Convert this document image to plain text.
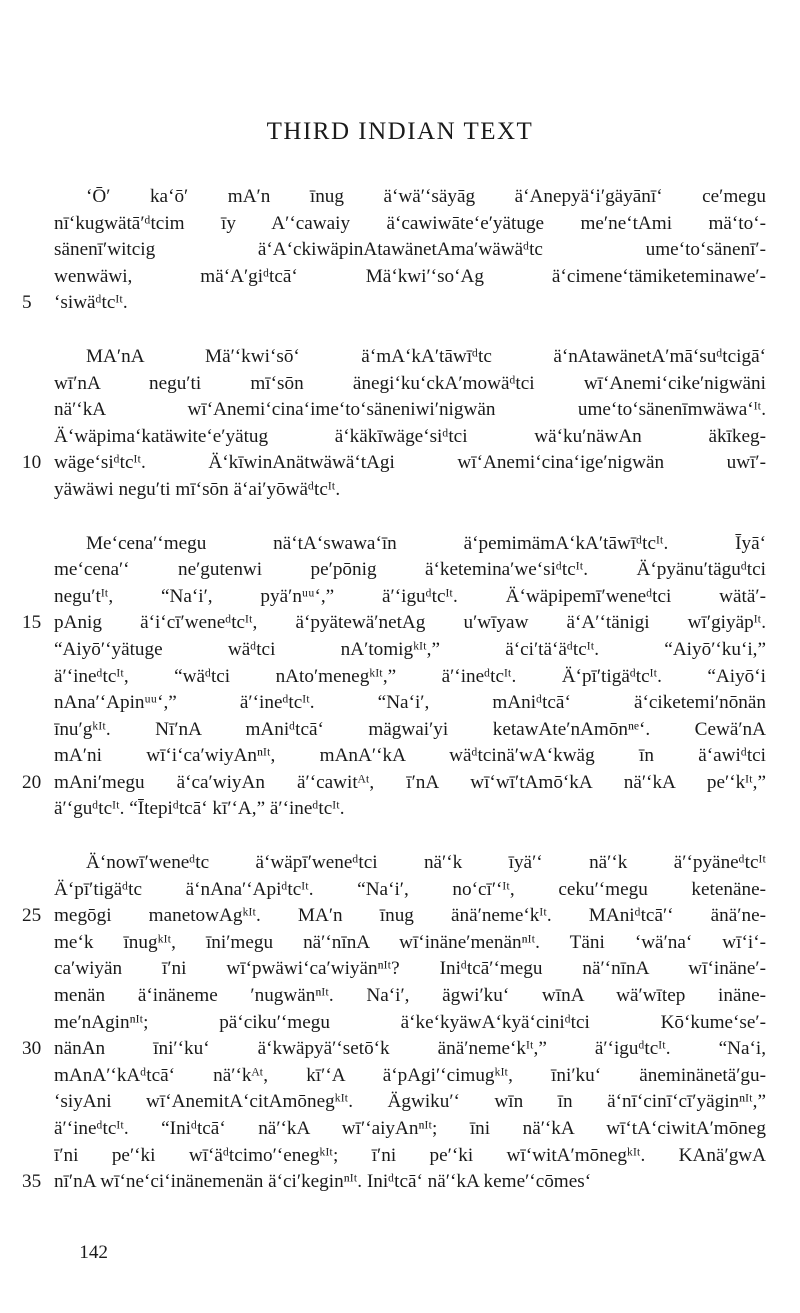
THIRD INDIAN TEXT
ʻŌʹ kaʻōʹ mAʹn īnug äʻwäʹʻsäyāg äʻAnepyäʻiʹgäyānīʻ ceʹmegu
nīʻkugwätāʹᵈtcim īy Aʹʻcawaiy äʻcawiwāteʻeʹyätuge meʹneʻtAmi mäʻtoʻ-
sänenīʹwitcig äʻAʻckiwäpinAtawänetAmaʹwäwäᵈtc umeʻtoʻsänenīʹ-
wenwäwi, mäʻAʹgiᵈtcāʻ MäʻkwiʹʻsoʻAg äʻcimeneʻtämiketeminaweʹ-
5	ʻsiwäᵈtcᴵᵗ.
MAʹnA Mäʹʻkwiʻsōʻ äʻmAʻkAʹtāwīᵈtc äʻnAtawänetAʹmāʻsuᵈtcigāʻ
wīʹnA neguʹti mīʻsōn änegiʻkuʻckAʹmowäᵈtci wīʻAnemiʻcikeʹnigwäni
näʹʻkA wīʻAnemiʻcinaʻimeʻtoʻsäneniwiʹnigwän umeʻtoʻsänenīmwäwaʻᴵᵗ.
Äʻwäpimaʻkatäwiteʻeʹyätug äʻkäkīwägeʻsiᵈtci wäʻkuʹnäwAn äkīkeg-
10 wägeʻsiᵈtcᴵᵗ. ÄʻkīwinAnätwäwäʻtAgi wīʻAnemiʻcinaʻigeʹnigwän uwīʹ-
yäwäwi neguʹti mīʻsōn äʻaiʹyōwäᵈtcᴵᵗ.
Meʻcenaʹʻmegu näʻtAʻswawaʻīn äʻpemimämAʻkAʹtāwīᵈtcᴵᵗ. Īyāʻ
meʻcenaʹʻ neʹgutenwi peʹpōnig äʻketeminaʹweʻsiᵈtcᴵᵗ. Äʻpyänuʹtäguᵈtci
neguʹtᴵᵗ, “Naʻiʹ, pyäʹnᵘᵘʻ,” äʹʻiguᵈtcᴵᵗ. Äʻwäpipemīʹweneᵈtci wätäʹ-
15 pAnig äʻiʻcīʹweneᵈtcᴵᵗ, äʻpyätewäʹnetAg uʹwīyaw äʻAʹʻtänigi wīʹgiyäpᴵᵗ.
“Aiyōʹʻyätuge wäᵈtci nAʹtomigᵏᴵᵗ,” äʻciʹtäʻäᵈtcᴵᵗ. “Aiyōʹʻkuʻi,”
äʹʻineᵈtcᴵᵗ, “wäᵈtci nAtoʹmenegᵏᴵᵗ,” äʹʻineᵈtcᴵᵗ. Äʻpīʹtigäᵈtcᴵᵗ. “Aiyōʻi
nAnaʹʻApinᵘᵘʻ,” äʹʻineᵈtcᴵᵗ. “Naʻiʹ, mAniᵈtcāʻ äʻciketemiʹnōnän
īnuʹgᵏᴵᵗ. NīʹnA mAniᵈtcāʻ mägwaiʹyi ketawAteʹnAmōnⁿᵉʻ. CewäʹnA
mAʹni wīʻiʻcaʹwiyAnⁿᴵᵗ, mAnAʹʻkA wäᵈtcinäʹwAʻkwäg īn äʻawiᵈtci
20 mAniʹmegu äʻcaʹwiyAn äʹʻcawitᴬᵗ, īʹnA wīʻwīʹtAmōʻkA näʹʻkA peʹʻkᴵᵗ,”
äʹʻguᵈtcᴵᵗ. “Ītepiᵈtcāʻ kīʹʻA,” äʹʻineᵈtcᴵᵗ.
Äʻnowīʹweneᵈtc äʻwäpīʹweneᵈtci näʹʻk īyäʹʻ näʹʻk äʹʻpyäneᵈtcᴵᵗ
Äʻpīʹtigäᵈtc äʻnAnaʹʻApiᵈtcᴵᵗ. “Naʻiʹ, noʻcīʹʻᴵᵗ, cekuʹʻmegu ketenäne-
25 megōgi manetowAgᵏᴵᵗ. MAʹn īnug änäʹnemeʻkᴵᵗ. MAniᵈtcāʹʻ änäʹne-
meʻk īnugᵏᴵᵗ, īniʹmegu näʹʻnīnA wīʻinäneʹmenänⁿᴵᵗ. Täni ʻwäʹnaʻ wīʻiʻ-
caʹwiyän īʹni wīʻpwäwiʻcaʹwiyänⁿᴵᵗ? Iniᵈtcāʹʻmegu näʹʻnīnA wīʻinäneʹ-
menän äʻinäneme ʹnugwänⁿᴵᵗ. Naʻiʹ, ägwiʹkuʻ wīnA wäʹwītep inäne-
meʹnAginⁿᴵᵗ; päʻcikuʹʻmegu äʻkeʻkyäwAʻkyäʻciniᵈtci Kōʻkumeʻseʹ-
30 nänAn īniʹʻkuʻ äʻkwäpyäʹʻsetōʻk änäʹnemeʻkᴵᵗ,” äʹʻiguᵈtcᴵᵗ. “Naʻi,
mAnAʹʻkAᵈtcāʻ näʹʻkᴬᵗ, kīʹʻA äʻpAgiʹʻcimugᵏᴵᵗ, īniʹkuʻ äneminänetäʹgu-
ʻsiyAni wīʻAnemitAʻcitAmōnegᵏᴵᵗ. Ägwikuʹʻ wīn īn äʻnīʻcinīʻcīʹyäginⁿᴵᵗ,”
äʹʻineᵈtcᴵᵗ. “Iniᵈtcāʻ näʹʻkA wīʹʻaiyAnⁿᴵᵗ; īni näʹʻkA wīʻtAʻciwitAʹmōneg
īʹni peʹʻki wīʻäᵈtcimoʹʻenegᵏᴵᵗ; īʹni peʹʻki wīʻwitAʹmōnegᵏᴵᵗ. KAnäʹgwA
35 nīʹnA wīʻneʻciʻinänemenän äʻciʹkeginⁿᴵᵗ. Iniᵈtcāʻ näʹʻkA kemeʹʻcōmesʻ
142
